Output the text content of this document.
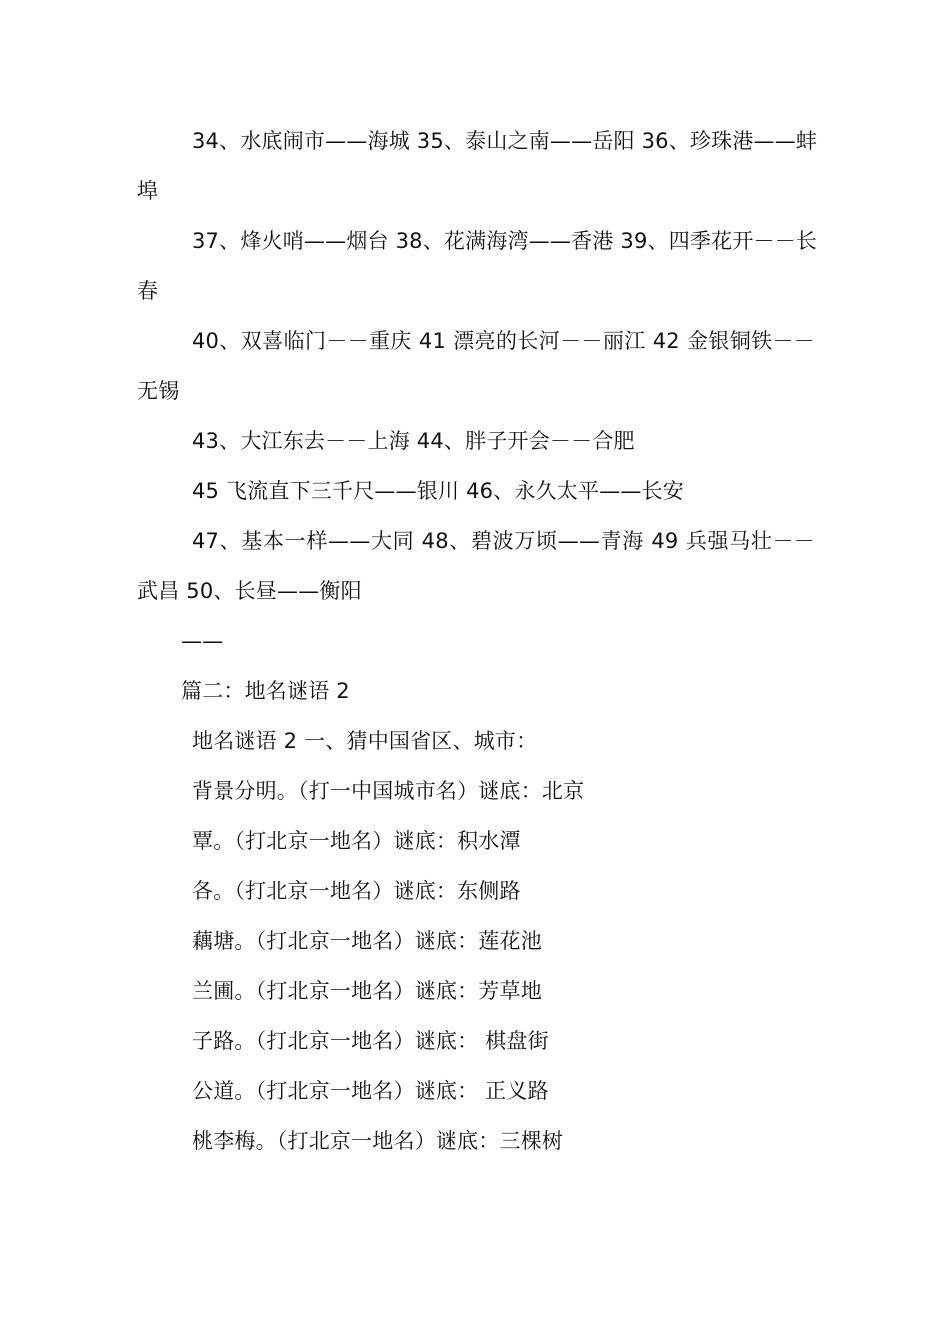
34、水底闹市——海城 35、泰山之南——岳阳 36、珍珠港——蚌
埠
37、烽火哨——烟台 38、花满海湾——香港 39、四季花开－－长
春
40、双喜临门－－重庆 41 漂亮的长河－－丽江 42 金银铜铁－－
无锡
43、大江东去－－上海 44、胖子开会－－合肥
45 飞流直下三千尺——银川 46、永久太平——长安
47、基本一样——大同 48、碧波万顷——青海 49 兵强马壮－－
武昌 50、长昼——衡阳
——
篇二：地名谜语 2
地名谜语 2 一、猜中国省区、城市：
背景分明。（打一中国城市名）谜底：北京
覃。（打北京一地名）谜底：积水潭
各。（打北京一地名）谜底：东侧路
藕塘。（打北京一地名）谜底：莲花池
兰圃。（打北京一地名）谜底：芳草地
子路。（打北京一地名）谜底： 棋盘街
公道。（打北京一地名）谜底： 正义路
桃李梅。（打北京一地名）谜底：三棵树
